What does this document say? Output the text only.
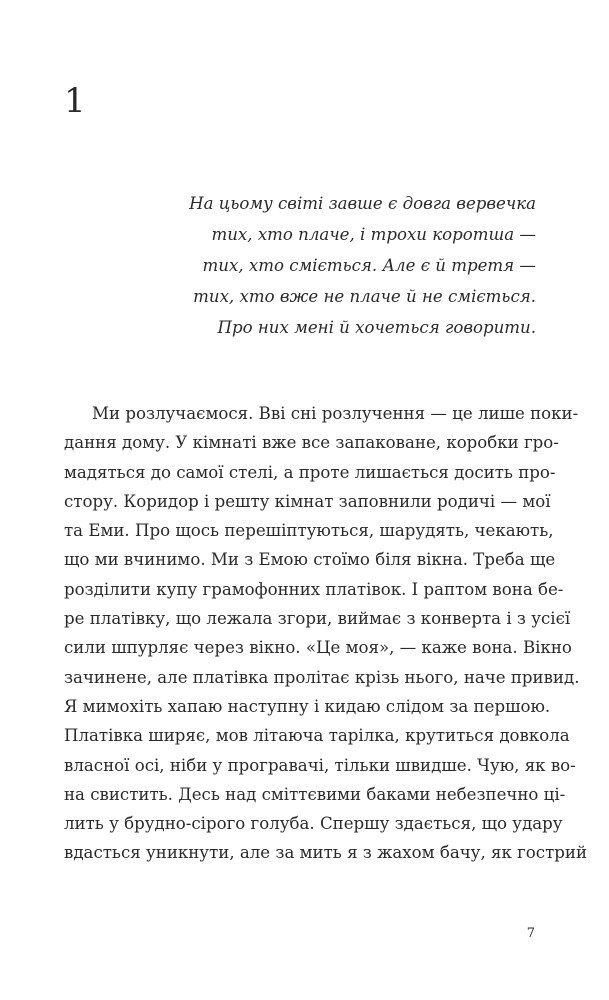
1
На цьому світі завше є довга вервечка
тих, хто плаче, і трохи коротша —
тих, хто сміється. Але є й третя —
тих, хто вже не плаче й не сміється.
Про них мені й хочеться говорити.
Ми розлучаємося. Вві сні розлучення — це лише поки-
дання дому. У кімнаті вже все запаковане, коробки гро-
мадяться до самої стелі, а проте лишається досить про-
стору. Коридор і решту кімнат заповнили родичі — мої
та Еми. Про щось перешіптуються, шарудять, чекають,
що ми вчинимо. Ми з Емою стоїмо біля вікна. Треба ще
розділити купу грамофонних платівок. І раптом вона бе-
ре платівку, що лежала згори, виймає з конверта і з усієї
сили шпурляє через вікно. «Це моя», — каже вона. Вікно
зачинене, але платівка пролітає крізь нього, наче привид.
Я мимохіть хапаю наступну і кидаю слідом за першою.
Платівка ширяє, мов літаюча тарілка, крутиться довкола
власної осі, ніби у програвачі, тільки швидше. Чую, як во-
на свистить. Десь над сміттєвими баками небезпечно ці-
лить у брудно-сірого голуба. Спершу здається, що удару
вдасться уникнути, але за мить я з жахом бачу, як гострий
7
